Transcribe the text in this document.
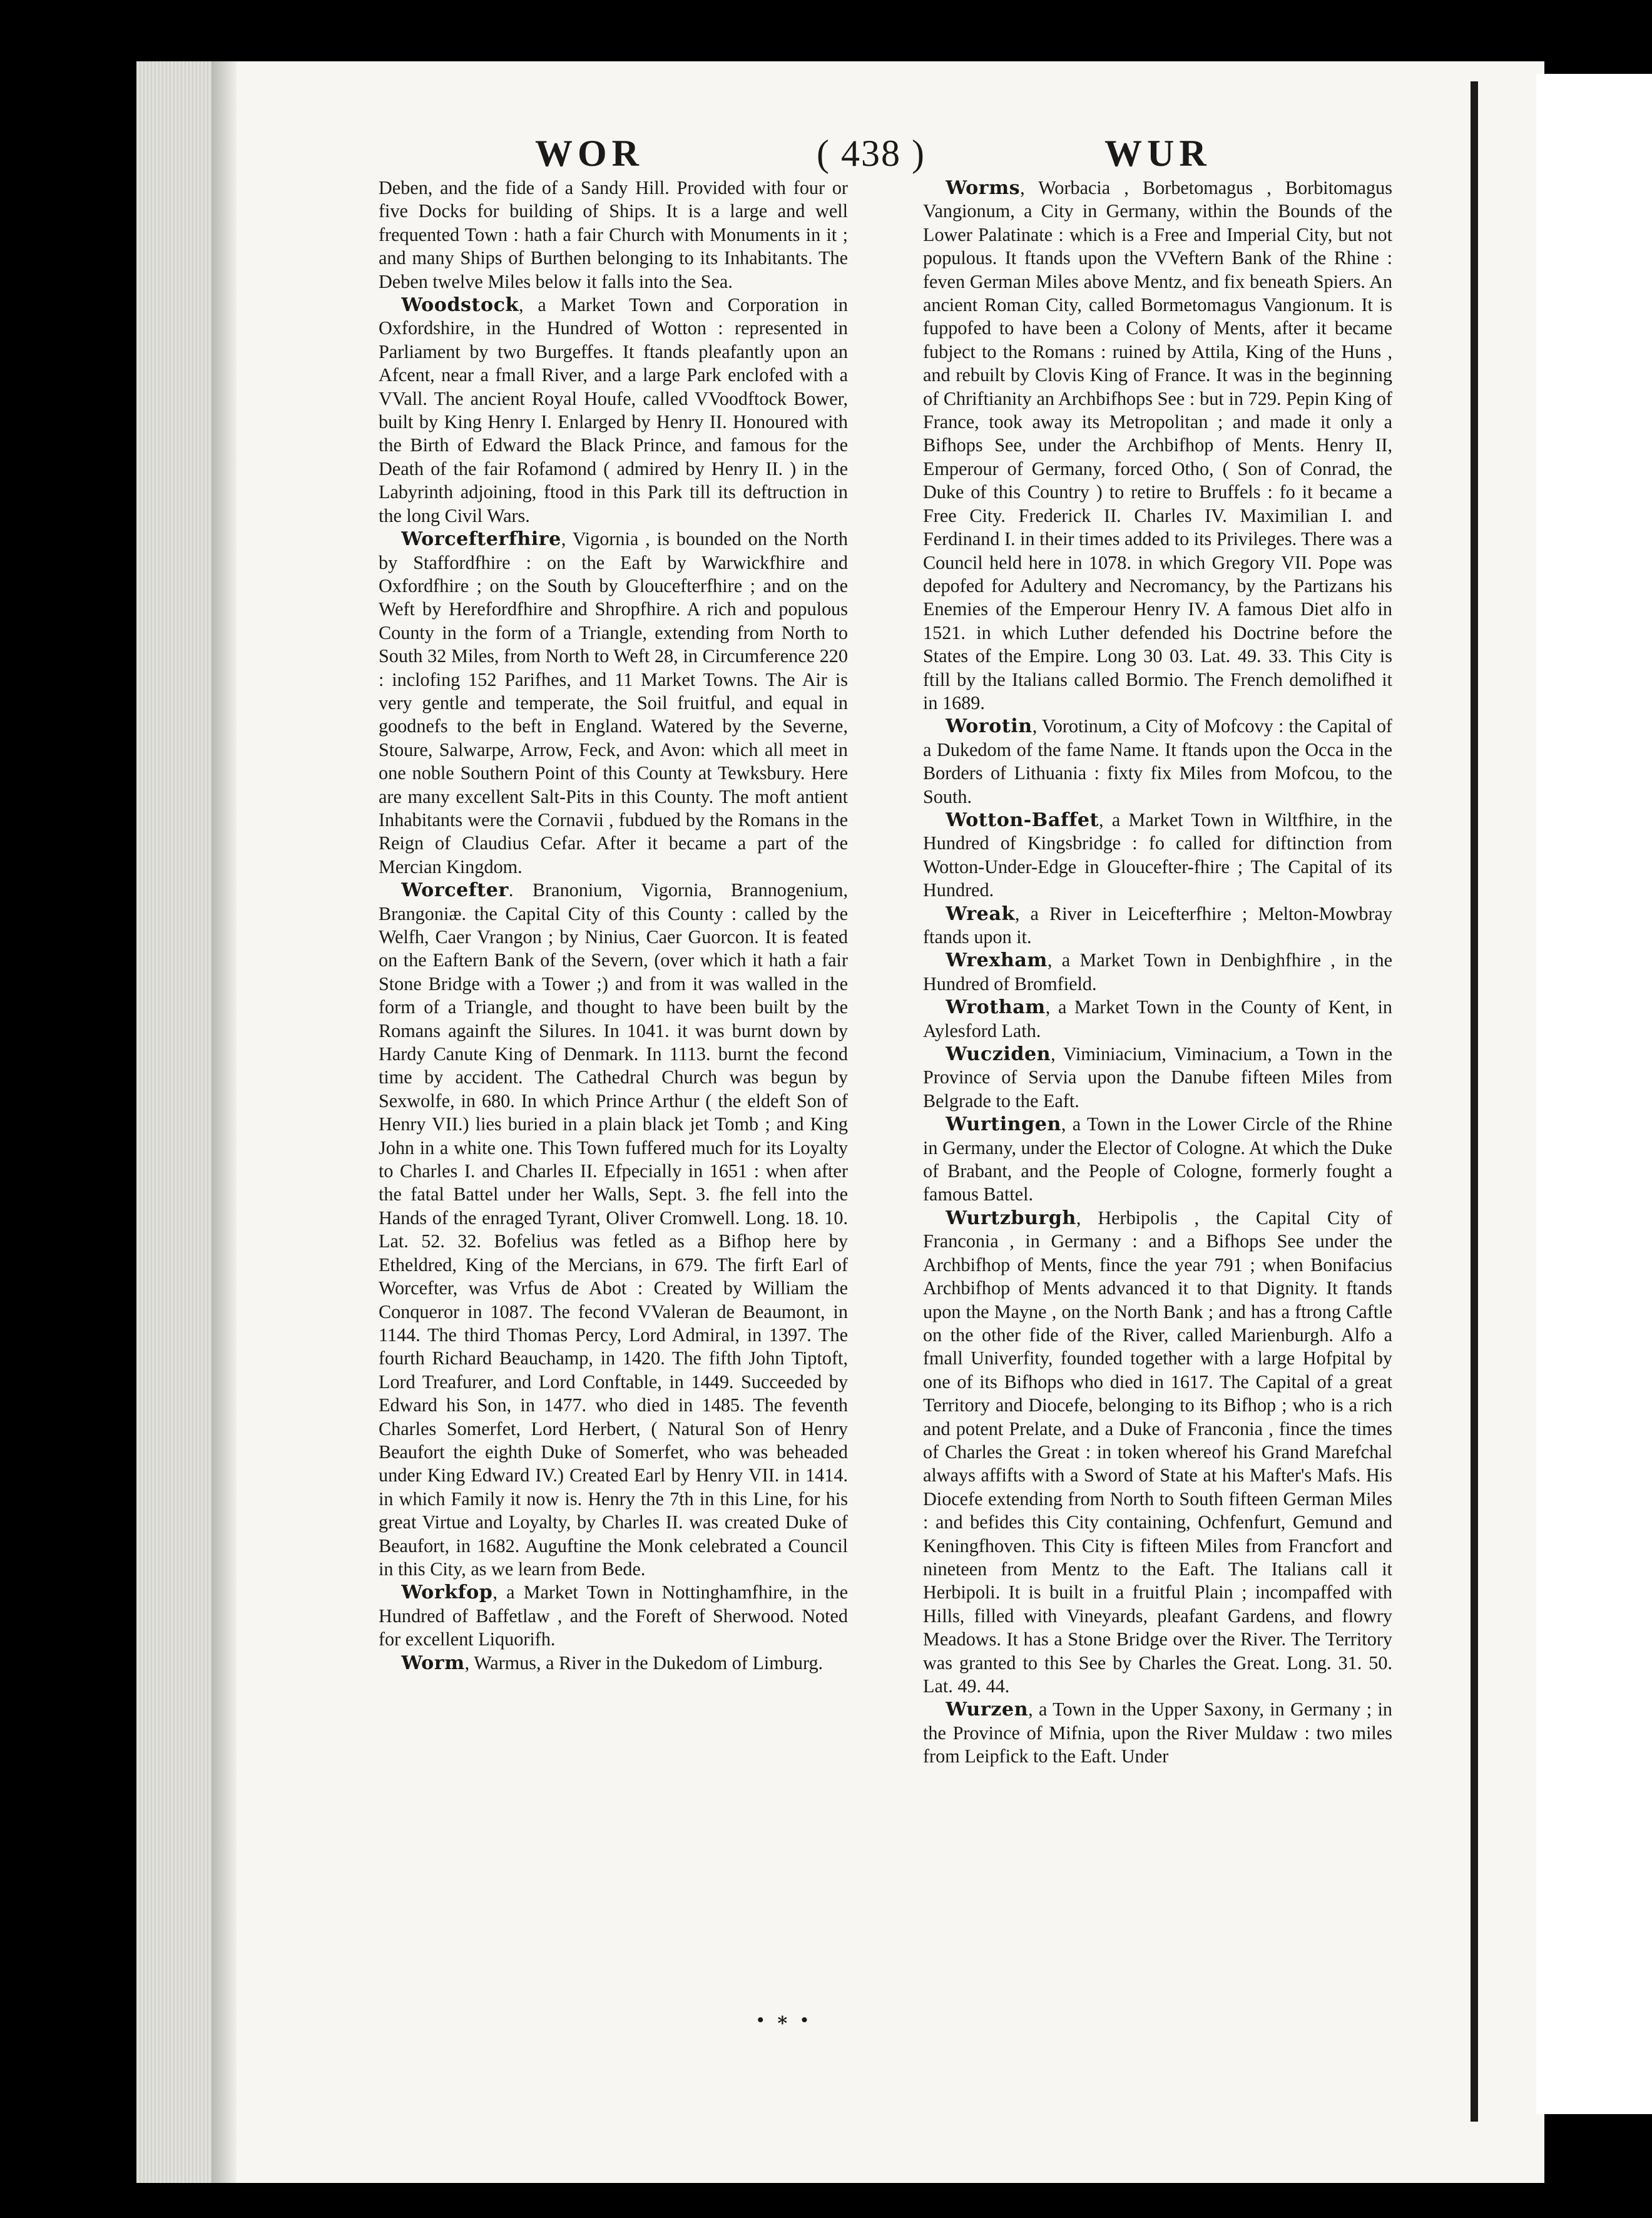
WOR	( 438 )	WUR

Deben, and the fide of a Sandy Hill. Provided with four or five Docks for building of Ships. It is a large and well frequented Town : hath a fair Church with Monuments in it ; and many Ships of Burthen belonging to its Inhabitants. The Deben twelve Miles below it falls into the Sea.

Woodstock, a Market Town and Corporation in Oxfordshire, in the Hundred of Wotton : represented in Parliament by two Burgeffes. It ftands pleafantly upon an Afcent, near a fmall River, and a large Park enclofed with a VVall. The ancient Royal Houfe, called VVoodftock Bower, built by King Henry I. Enlarged by Henry II. Honoured with the Birth of Edward the Black Prince, and famous for the Death of the fair Rofamond ( admired by Henry II. ) in the Labyrinth adjoining, ftood in this Park till its deftruction in the long Civil Wars.

Worcefterfhire, Vigornia , is bounded on the North by Staffordfhire : on the Eaft by Warwickfhire and Oxfordfhire ; on the South by Gloucefterfhire ; and on the Weft by Herefordfhire and Shropfhire. A rich and populous County in the form of a Triangle, extending from North to South 32 Miles, from North to Weft 28, in Circumference 220 : inclofing 152 Parifhes, and 11 Market Towns. The Air is very gentle and temperate, the Soil fruitful, and equal in goodnefs to the beft in England. Watered by the Severne, Stoure, Salwarpe, Arrow, Feck, and Avon: which all meet in one noble Southern Point of this County at Tewksbury. Here are many excellent Salt-Pits in this County. The moft antient Inhabitants were the Cornavii , fubdued by the Romans in the Reign of Claudius Cefar. After it became a part of the Mercian Kingdom.

Worcefter. Branonium, Vigornia, Brannogenium, Brangoniæ. the Capital City of this County : called by the Welfh, Caer Vrangon ; by Ninius, Caer Guorcon. It is feated on the Eaftern Bank of the Severn, (over which it hath a fair Stone Bridge with a Tower ;) and from it was walled in the form of a Triangle, and thought to have been built by the Romans againft the Silures. In 1041. it was burnt down by Hardy Canute King of Denmark. In 1113. burnt the fecond time by accident. The Cathedral Church was begun by Sexwolfe, in 680. In which Prince Arthur ( the eldeft Son of Henry VII.) lies buried in a plain black jet Tomb ; and King John in a white one. This Town fuffered much for its Loyalty to Charles I. and Charles II. Efpecially in 1651 : when after the fatal Battel under her Walls, Sept. 3. fhe fell into the Hands of the enraged Tyrant, Oliver Cromwell. Long. 18. 10. Lat. 52. 32. Bofelius was fetled as a Bifhop here by Etheldred, King of the Mercians, in 679. The firft Earl of Worcefter, was Vrfus de Abot : Created by William the Conqueror in 1087. The fecond VValeran de Beaumont, in 1144. The third Thomas Percy, Lord Admiral, in 1397. The fourth Richard Beauchamp, in 1420. The fifth John Tiptoft, Lord Treafurer, and Lord Conftable, in 1449. Succeeded by Edward his Son, in 1477. who died in 1485. The feventh Charles Somerfet, Lord Herbert, ( Natural Son of Henry Beaufort the eighth Duke of Somerfet, who was beheaded under King Edward IV.) Created Earl by Henry VII. in 1414. in which Family it now is. Henry the 7th in this Line, for his great Virtue and Loyalty, by Charles II. was created Duke of Beaufort, in 1682. Auguftine the Monk celebrated a Council in this City, as we learn from Bede.

Workfop, a Market Town in Nottinghamfhire, in the Hundred of Baffetlaw , and the Foreft of Sherwood. Noted for excellent Liquorifh.

Worm, Warmus, a River in the Dukedom of Limburg.

Worms, Worbacia , Borbetomagus , Borbitomagus Vangionum, a City in Germany, within the Bounds of the Lower Palatinate : which is a Free and Imperial City, but not populous. It ftands upon the VVeftern Bank of the Rhine : feven German Miles above Mentz, and fix beneath Spiers. An ancient Roman City, called Bormetomagus Vangionum. It is fuppofed to have been a Colony of Ments, after it became fubject to the Romans : ruined by Attila, King of the Huns , and rebuilt by Clovis King of France. It was in the beginning of Chriftianity an Archbifhops See : but in 729. Pepin King of France, took away its Metropolitan ; and made it only a Bifhops See, under the Archbifhop of Ments. Henry II, Emperour of Germany, forced Otho, ( Son of Conrad, the Duke of this Country ) to retire to Bruffels : fo it became a Free City. Frederick II. Charles IV. Maximilian I. and Ferdinand I. in their times added to its Privileges. There was a Council held here in 1078. in which Gregory VII. Pope was depofed for Adultery and Necromancy, by the Partizans his Enemies of the Emperour Henry IV. A famous Diet alfo in 1521. in which Luther defended his Doctrine before the States of the Empire. Long 30 03. Lat. 49. 33. This City is ftill by the Italians called Bormio. The French demolifhed it in 1689.

Worotin, Vorotinum, a City of Mofcovy : the Capital of a Dukedom of the fame Name. It ftands upon the Occa in the Borders of Lithuania : fixty fix Miles from Mofcou, to the South.

Wotton-Baffet, a Market Town in Wiltfhire, in the Hundred of Kingsbridge : fo called for diftinction from Wotton-Under-Edge in Gloucefter-fhire ; The Capital of its Hundred.

Wreak, a River in Leicefterfhire ; Melton-Mowbray ftands upon it.

Wrexham, a Market Town in Denbighfhire , in the Hundred of Bromfield.

Wrotham, a Market Town in the County of Kent, in Aylesford Lath.

Wucziden, Viminiacium, Viminacium, a Town in the Province of Servia upon the Danube fifteen Miles from Belgrade to the Eaft.

Wurtingen, a Town in the Lower Circle of the Rhine in Germany, under the Elector of Cologne. At which the Duke of Brabant, and the People of Cologne, formerly fought a famous Battel.

Wurtzburgh, Herbipolis , the Capital City of Franconia , in Germany : and a Bifhops See under the Archbifhop of Ments, fince the year 791 ; when Bonifacius Archbifhop of Ments advanced it to that Dignity. It ftands upon the Mayne , on the North Bank ; and has a ftrong Caftle on the other fide of the River, called Marienburgh. Alfo a fmall Univerfity, founded together with a large Hofpital by one of its Bifhops who died in 1617. The Capital of a great Territory and Diocefe, belonging to its Bifhop ; who is a rich and potent Prelate, and a Duke of Franconia , fince the times of Charles the Great : in token whereof his Grand Marefchal always affifts with a Sword of State at his Mafter's Mafs. His Diocefe extending from North to South fifteen German Miles : and befides this City containing, Ochfenfurt, Gemund and Keningfhoven. This City is fifteen Miles from Francfort and nineteen from Mentz to the Eaft. The Italians call it Herbipoli. It is built in a fruitful Plain ; incompaffed with Hills, filled with Vineyards, pleafant Gardens, and flowry Meadows. It has a Stone Bridge over the River. The Territory was granted to this See by Charles the Great. Long. 31. 50. Lat. 49. 44.

Wurzen, a Town in the Upper Saxony, in Germany ; in the Province of Mifnia, upon the River Muldaw : two miles from Leipfick to the Eaft. Under

• ∗ •
